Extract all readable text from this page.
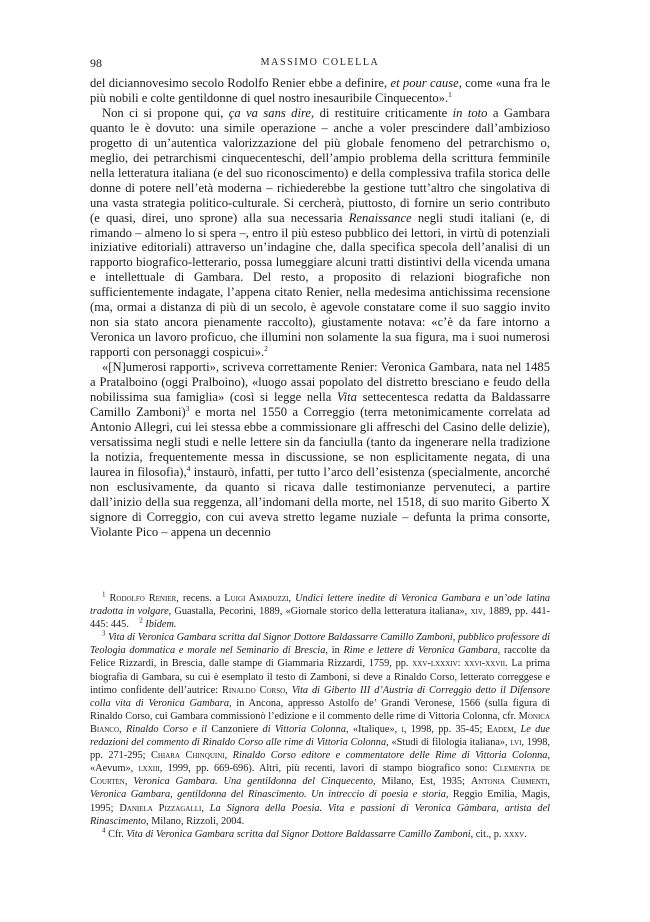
98	MASSIMO COLELLA

del diciannovesimo secolo Rodolfo Renier ebbe a definire, et pour cause, come «una fra le più nobili e colte gentildonne di quel nostro inesauribile Cinquecento».$^1$

Non ci si propone qui, ça va sans dire, di restituire criticamente in toto a Gambara quanto le è dovuto: una simile operazione – anche a voler prescindere dall’ambizioso progetto di un’autentica valorizzazione del più globale fenomeno del petrarchismo o, meglio, dei petrarchismi cinquecenteschi, dell’ampio problema della scrittura femminile nella letteratura italiana (e del suo riconoscimento) e della complessiva trafila storica delle donne di potere nell’età moderna – richiederebbe la gestione tutt’altro che singolativa di una vasta strategia politico-culturale. Si cercherà, piuttosto, di fornire un serio contributo (e quasi, direi, uno sprone) alla sua necessaria Renaissance negli studi italiani (e, di rimando – almeno lo si spera –, entro il più esteso pubblico dei lettori, in virtù di potenziali iniziative editoriali) attraverso un’indagine che, dalla specifica specola dell’analisi di un rapporto biografico-letterario, possa lumeggiare alcuni tratti distintivi della vicenda umana e intellettuale di Gambara. Del resto, a proposito di relazioni biografiche non sufficientemente indagate, l’appena citato Renier, nella medesima antichissima recensione (ma, ormai a distanza di più di un secolo, è agevole constatare come il suo saggio invito non sia stato ancora pienamente raccolto), giustamente notava: «c’è da fare intorno a Veronica un lavoro proficuo, che illumini non solamente la sua figura, ma i suoi numerosi rapporti con personaggi cospicui».$^2$

«[N]umerosi rapporti», scriveva correttamente Renier: Veronica Gambara, nata nel 1485 a Pratalboino (oggi Pralboino), «luogo assai popolato del distretto bresciano e feudo della nobilissima sua famiglia» (così si legge nella Vita settecentesca redatta da Baldassarre Camillo Zamboni)$^3$ e morta nel 1550 a Correggio (terra metonimicamente correlata ad Antonio Allegri, cui lei stessa ebbe a commissionare gli affreschi del Casino delle delizie), versatissima negli studi e nelle lettere sin da fanciulla (tanto da ingenerare nella tradizione la notizia, frequentemente messa in discussione, se non esplicitamente negata, di una laurea in filosofia),$^4$ instaurò, infatti, per tutto l’arco dell’esistenza (specialmente, ancorché non esclusivamente, da quanto si ricava dalle testimonianze pervenuteci, a partire dall’inizio della sua reggenza, all’indomani della morte, nel 1518, di suo marito Giberto X signore di Correggio, con cui aveva stretto legame nuziale – defunta la prima consorte, Violante Pico – appena un decennio

$^1$ Rodolfo Renier, recens. a Luigi Amaduzzi, Undici lettere inedite di Veronica Gambara e un’ode latina tradotta in volgare, Guastalla, Pecorini, 1889, «Giornale storico della letteratura italiana», xiv, 1889, pp. 441-445: 445. $^2$ Ibidem.

$^3$ Vita di Veronica Gambara scritta dal Signor Dottore Baldassarre Camillo Zamboni, pubblico professore di Teologia dommatica e morale nel Seminario di Brescia, in Rime e lettere di Veronica Gambara, raccolte da Felice Rizzardi, in Brescia, dalle stampe di Giammaria Rizzardi, 1759, pp. xxv-lxxxiv: xxvi-xxvii. La prima biografia di Gambara, su cui è esemplato il testo di Zamboni, si deve a Rinaldo Corso, letterato correggese e intimo confidente dell’autrice: Rinaldo Corso, Vita di Giberto III d’Austria di Correggio detto il Difensore colla vita di Veronica Gambara, in Ancona, appresso Astolfo de’ Grandi Veronese, 1566 (sulla figura di Rinaldo Corso, cui Gambara commissionò l’edizione e il commento delle rime di Vittoria Colonna, cfr. Monica Bianco, Rinaldo Corso e il Canzoniere di Vittoria Colonna, «Italique», i, 1998, pp. 35-45; Eadem, Le due redazioni del commento di Rinaldo Corso alle rime di Vittoria Colonna, «Studi di filologia italiana», lvi, 1998, pp. 271-295; Chiara Chinquini, Rinaldo Corso editore e commentatore delle Rime di Vittoria Colonna, «Aevum», lxxiii, 1999, pp. 669-696). Altri, più recenti, lavori di stampo biografico sono: Clementia de Courten, Veronica Gambara. Una gentildonna del Cinquecento, Milano, Est, 1935; Antonia Chimenti, Veronica Gambara, gentildonna del Rinascimento. Un intreccio di poesia e storia, Reggio Emilia, Magis, 1995; Daniela Pizzagalli, La Signora della Poesia. Vita e passioni di Veronica Gàmbara, artista del Rinascimento, Milano, Rizzoli, 2004.

$^4$ Cfr. Vita di Veronica Gambara scritta dal Signor Dottore Baldassarre Camillo Zamboni, cit., p. xxxv.
